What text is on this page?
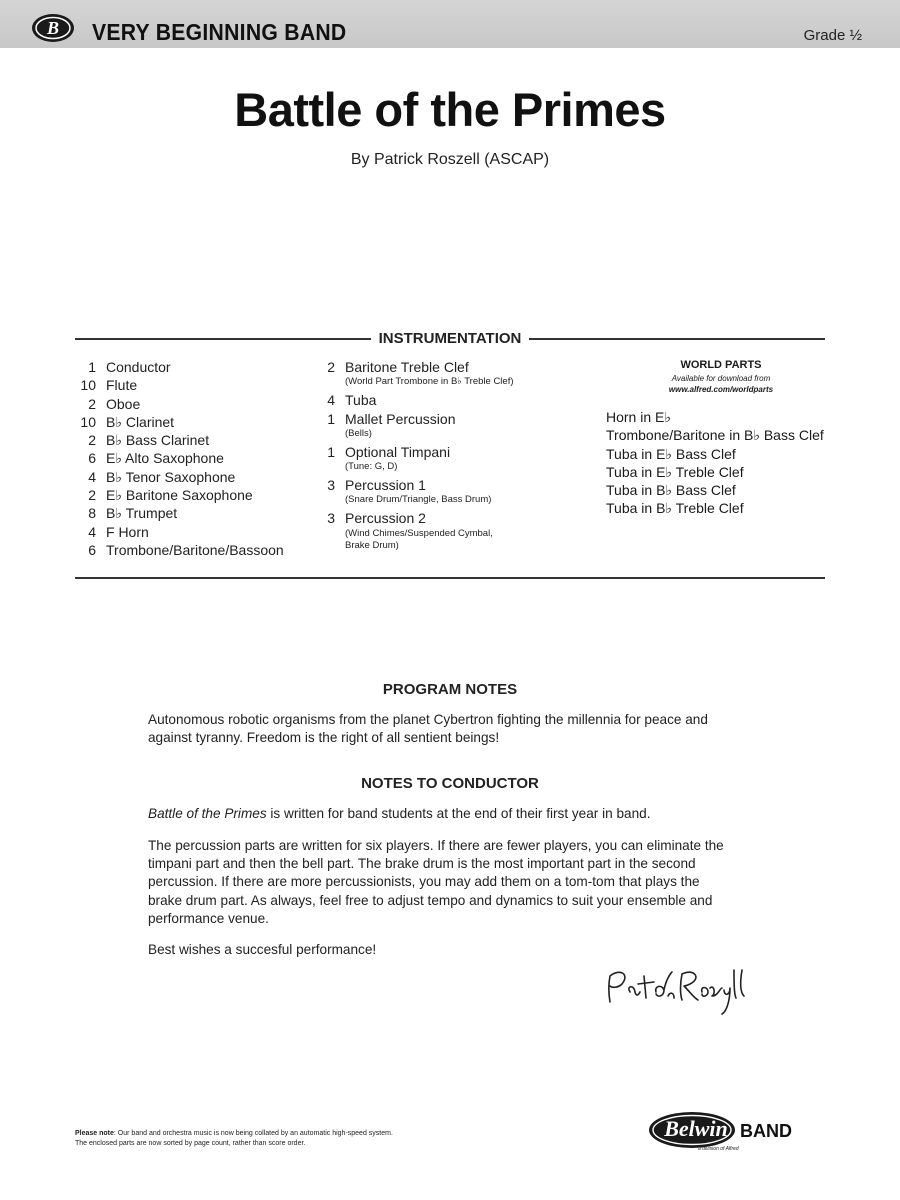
B VERY BEGINNING BAND	Grade ½
Battle of the Primes
By Patrick Roszell (ASCAP)
INSTRUMENTATION
1 Conductor
10 Flute
2 Oboe
10 B♭ Clarinet
2 B♭ Bass Clarinet
6 E♭ Alto Saxophone
4 B♭ Tenor Saxophone
2 E♭ Baritone Saxophone
8 B♭ Trumpet
4 F Horn
6 Trombone/Baritone/Bassoon
2 Baritone Treble Clef
(World Part Trombone in B♭ Treble Clef)
4 Tuba
1 Mallet Percussion
(Bells)
1 Optional Timpani
(Tune: G, D)
3 Percussion 1
(Snare Drum/Triangle, Bass Drum)
3 Percussion 2
(Wind Chimes/Suspended Cymbal,
Brake Drum)
WORLD PARTS
Available for download from
www.alfred.com/worldparts
Horn in E♭
Trombone/Baritone in B♭ Bass Clef
Tuba in E♭ Bass Clef
Tuba in E♭ Treble Clef
Tuba in B♭ Bass Clef
Tuba in B♭ Treble Clef
PROGRAM NOTES
Autonomous robotic organisms from the planet Cybertron fighting the millennia for peace and
against tyranny. Freedom is the right of all sentient beings!
NOTES TO CONDUCTOR
Battle of the Primes is written for band students at the end of their first year in band.
The percussion parts are written for six players. If there are fewer players, you can eliminate the
timpani part and then the bell part. The brake drum is the most important part in the second
percussion. If there are more percussionists, you may add them on a tom-tom that plays the
brake drum part. As always, feel free to adjust tempo and dynamics to suit your ensemble and
performance venue.
Best wishes a succesful performance!
Please note: Our band and orchestra music is now being collated by an automatic high-speed system.
The enclosed parts are now sorted by page count, rather than score order.
Belwin BAND
a division of Alfred
